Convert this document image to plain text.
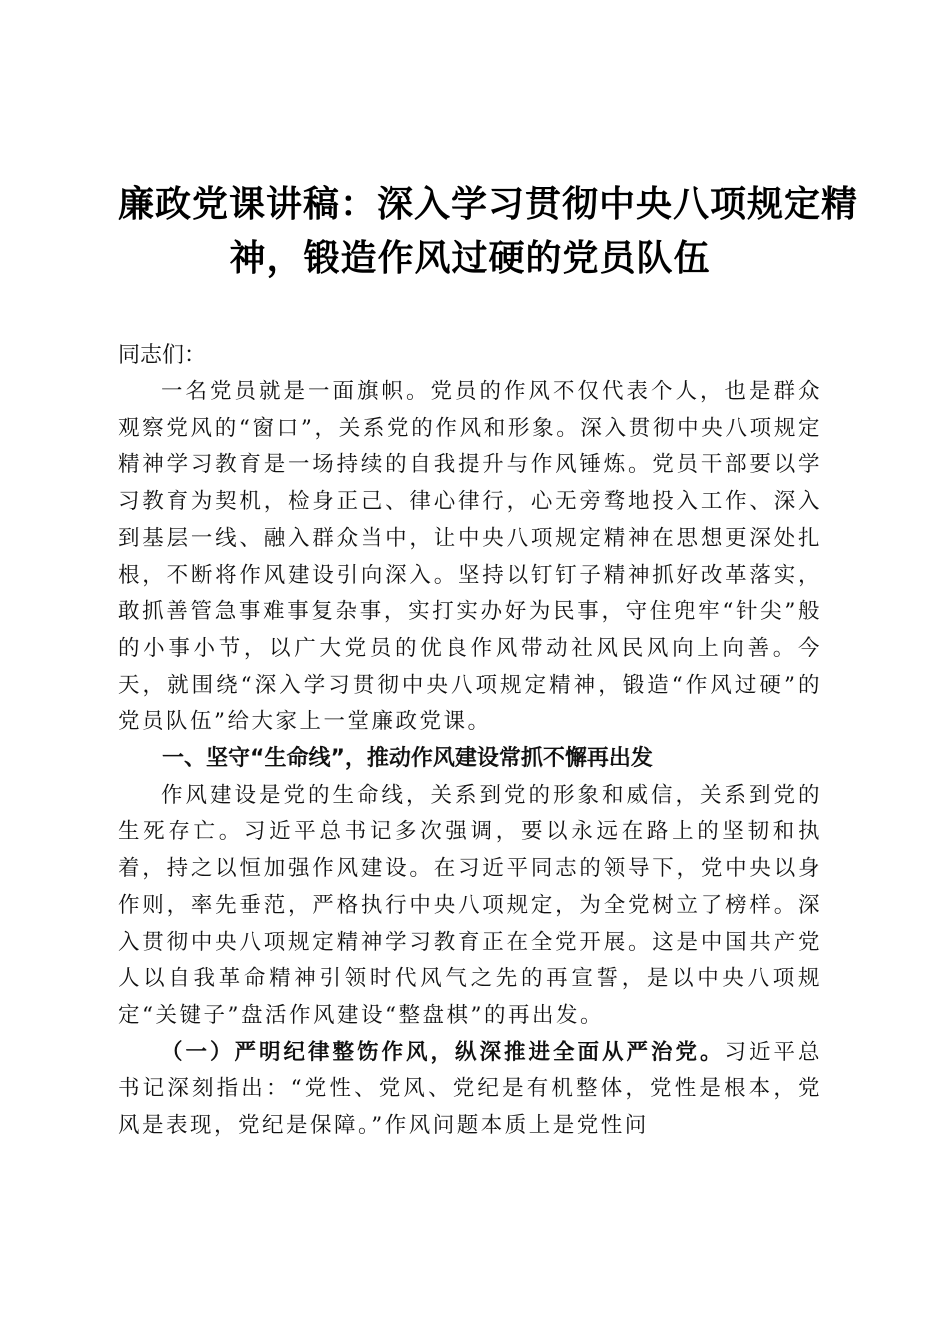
廉政党课讲稿：深入学习贯彻中央八项规定精
神，锻造作风过硬的党员队伍

同志们：

一名党员就是一面旗帜。党员的作风不仅代表个人，也是群众观察党风的“窗口”，关系党的作风和形象。深入贯彻中央八项规定精神学习教育是一场持续的自我提升与作风锤炼。党员干部要以学习教育为契机，检身正己、律心律行，心无旁骛地投入工作、深入到基层一线、融入群众当中，让中央八项规定精神在思想更深处扎根，不断将作风建设引向深入。坚持以钉钉子精神抓好改革落实，敢抓善管急事难事复杂事，实打实办好为民事，守住兜牢“针尖”般的小事小节，以广大党员的优良作风带动社风民风向上向善。今天，就围绕“深入学习贯彻中央八项规定精神，锻造“作风过硬”的党员队伍”给大家上一堂廉政党课。

一、坚守“生命线”，推动作风建设常抓不懈再出发

作风建设是党的生命线，关系到党的形象和威信，关系到党的生死存亡。习近平总书记多次强调，要以永远在路上的坚韧和执着，持之以恒加强作风建设。在习近平同志的领导下，党中央以身作则，率先垂范，严格执行中央八项规定，为全党树立了榜样。深入贯彻中央八项规定精神学习教育正在全党开展。这是中国共产党人以自我革命精神引领时代风气之先的再宣誓，是以中央八项规定“关键子”盘活作风建设“整盘棋”的再出发。

（一）严明纪律整饬作风，纵深推进全面从严治党。习近平总书记深刻指出：“党性、党风、党纪是有机整体，党性是根本，党风是表现，党纪是保障。”作风问题本质上是党性问
